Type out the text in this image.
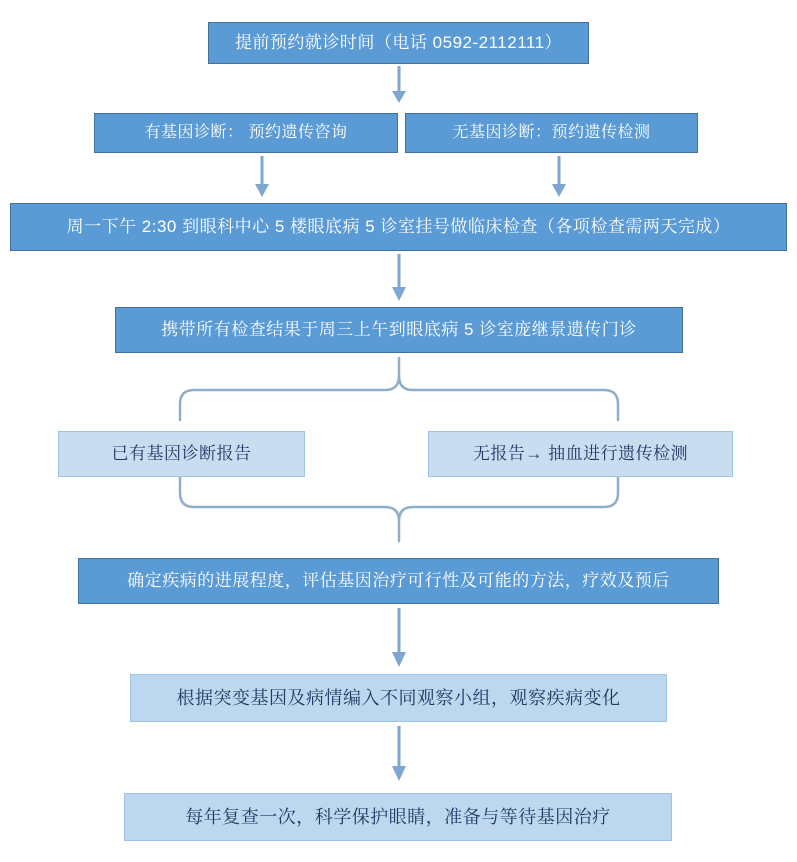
提前预约就诊时间（电话 0592-2112111）
有基因诊断： 预约遗传咨询	无基因诊断：预约遗传检测
周一下午 2:30 到眼科中心 5 楼眼底病 5 诊室挂号做临床检查（各项检查需两天完成）
携带所有检查结果于周三上午到眼底病 5 诊室庞继景遗传门诊
已有基因诊断报告	无报告→ 抽血进行遗传检测
确定疾病的进展程度，评估基因治疗可行性及可能的方法，疗效及预后
根据突变基因及病情编入不同观察小组，观察疾病变化
每年复查一次，科学保护眼睛，准备与等待基因治疗
